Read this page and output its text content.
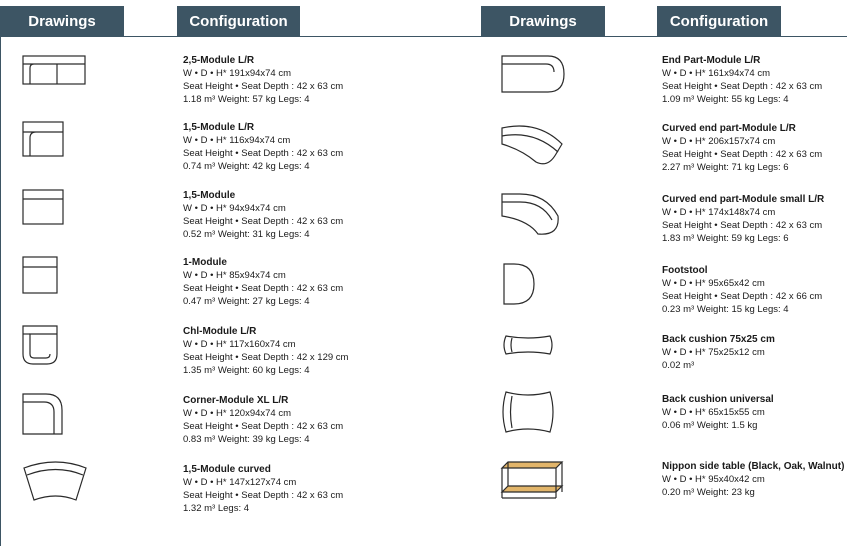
Drawings	Configuration	Drawings	Configuration
2,5-Module L/R
W • D • H* 191x94x74 cm
Seat Height • Seat Depth : 42 x 63 cm
1.18 m³ Weight: 57 kg Legs: 4
1,5-Module L/R
W • D • H* 116x94x74 cm
Seat Height • Seat Depth : 42 x 63 cm
0.74 m³ Weight: 42 kg Legs: 4
1,5-Module
W • D • H* 94x94x74 cm
Seat Height • Seat Depth : 42 x 63 cm
0.52 m³ Weight: 31 kg Legs: 4
1-Module
W • D • H* 85x94x74 cm
Seat Height • Seat Depth : 42 x 63 cm
0.47 m³ Weight: 27 kg Legs: 4
Chl-Module L/R
W • D • H* 117x160x74 cm
Seat Height • Seat Depth : 42 x 129 cm
1.35 m³ Weight: 60 kg Legs: 4
Corner-Module XL L/R
W • D • H* 120x94x74 cm
Seat Height • Seat Depth : 42 x 63 cm
0.83 m³ Weight: 39 kg Legs: 4
1,5-Module curved
W • D • H* 147x127x74 cm
Seat Height • Seat Depth : 42 x 63 cm
1.32 m³ Legs: 4
End Part-Module L/R
W • D • H* 161x94x74 cm
Seat Height • Seat Depth : 42 x 63 cm
1.09 m³ Weight: 55 kg Legs: 4
Curved end part-Module L/R
W • D • H* 206x157x74 cm
Seat Height • Seat Depth : 42 x 63 cm
2.27 m³ Weight: 71 kg Legs: 6
Curved end part-Module small L/R
W • D • H* 174x148x74 cm
Seat Height • Seat Depth : 42 x 63 cm
1.83 m³ Weight: 59 kg Legs: 6
Footstool
W • D • H* 95x65x42 cm
Seat Height • Seat Depth : 42 x 66 cm
0.23 m³ Weight: 15 kg Legs: 4
Back cushion 75x25 cm
W • D • H* 75x25x12 cm
0.02 m³
Back cushion universal
W • D • H* 65x15x55 cm
0.06 m³ Weight: 1.5 kg
Nippon side table (Black, Oak, Walnut)
W • D • H* 95x40x42 cm
0.20 m³ Weight: 23 kg
